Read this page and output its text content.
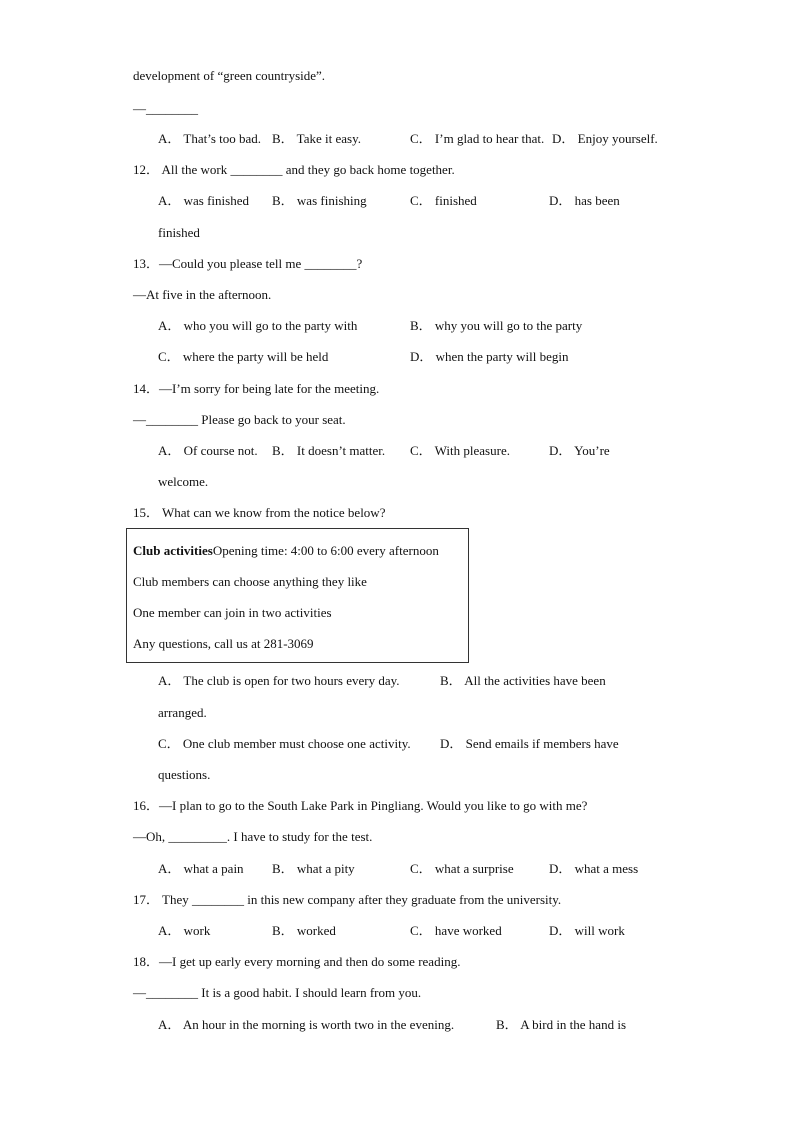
development of “green countryside”.
—________
A． That’s too bad. B． Take it easy.	C． I’m glad to hear that. D． Enjoy yourself.
12． All the work ________ and they go back home together.
A． was finished B． was finishing	C． finished	D． has been
finished
13．—Could you please tell me ________?
—At five in the afternoon.
A． who you will go to the party with	B． why you will go to the party
C． where the party will be held	D． when the party will begin
14．—I’m sorry for being late for the meeting.
—________ Please go back to your seat.
A． Of course not. B． It doesn’t matter. C． With pleasure.	D． You’re
welcome.
15． What can we know from the notice below?
Club activitiesOpening time: 4:00 to 6:00 every afternoon
Club members can choose anything they like
One member can join in two activities
Any questions, call us at 281-3069
A． The club is open for two hours every day.	B． All the activities have been
arranged.
C． One club member must choose one activity. D． Send emails if members have
questions.
16．—I plan to go to the South Lake Park in Pingliang. Would you like to go with me?
—Oh, _________. I have to study for the test.
A． what a pain B． what a pity	C． what a surprise	D． what a mess
17． They ________ in this new company after they graduate from the university.
A． work	B． worked	C． have worked	D． will work
18．—I get up early every morning and then do some reading.
—________ It is a good habit. I should learn from you.
A． An hour in the morning is worth two in the evening.	B． A bird in the hand is
